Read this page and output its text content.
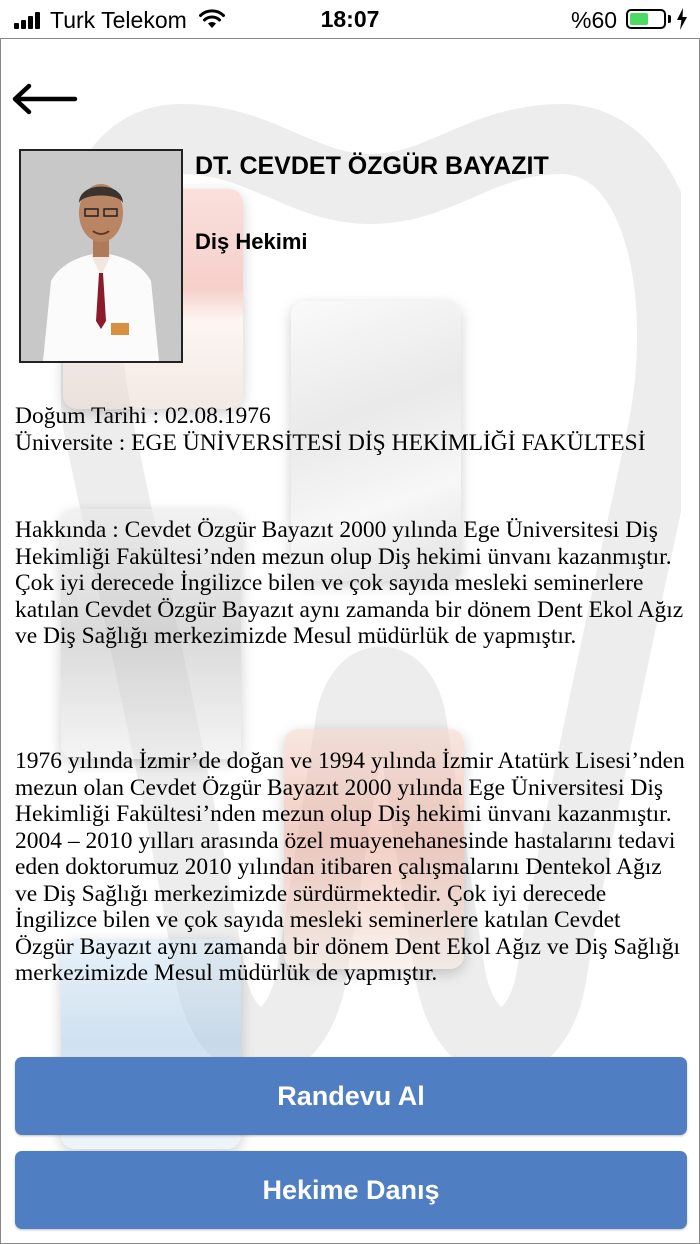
Turk Telekom	18:07	%60
DT. CEVDET ÖZGÜR BAYAZIT
Diş Hekimi

Doğum Tarihi : 02.08.1976

Üniversite : EGE ÜNİVERSİTESİ DİŞ HEKİMLİĞİ FAKÜLTESİ

Hakkında : Cevdet Özgür Bayazıt 2000 yılında Ege Üniversitesi Diş Hekimliği Fakültesi’nden mezun olup Diş hekimi ünvanı kazanmıştır.

Çok iyi derecede İngilizce bilen ve çok sayıda mesleki seminerlere katılan Cevdet Özgür Bayazıt aynı zamanda bir dönem Dent Ekol Ağız ve Diş Sağlığı merkezimizde Mesul müdürlük de yapmıştır.

1976 yılında İzmir’de doğan ve 1994 yılında İzmir Atatürk Lisesi’nden mezun olan Cevdet Özgür Bayazıt 2000 yılında Ege Üniversitesi Diş Hekimliği Fakültesi’nden mezun olup Diş hekimi ünvanı kazanmıştır. 2004 – 2010 yılları arasında özel muayenehanesinde hastalarını tedavi eden doktorumuz 2010 yılından itibaren çalışmalarını Dentekol Ağız ve Diş Sağlığı merkezimizde sürdürmektedir. Çok iyi derecede İngilizce bilen ve çok sayıda mesleki seminerlere katılan Cevdet Özgür Bayazıt aynı zamanda bir dönem Dent Ekol Ağız ve Diş Sağlığı merkezimizde Mesul müdürlük de yapmıştır.

Randevu Al
Hekime Danış
